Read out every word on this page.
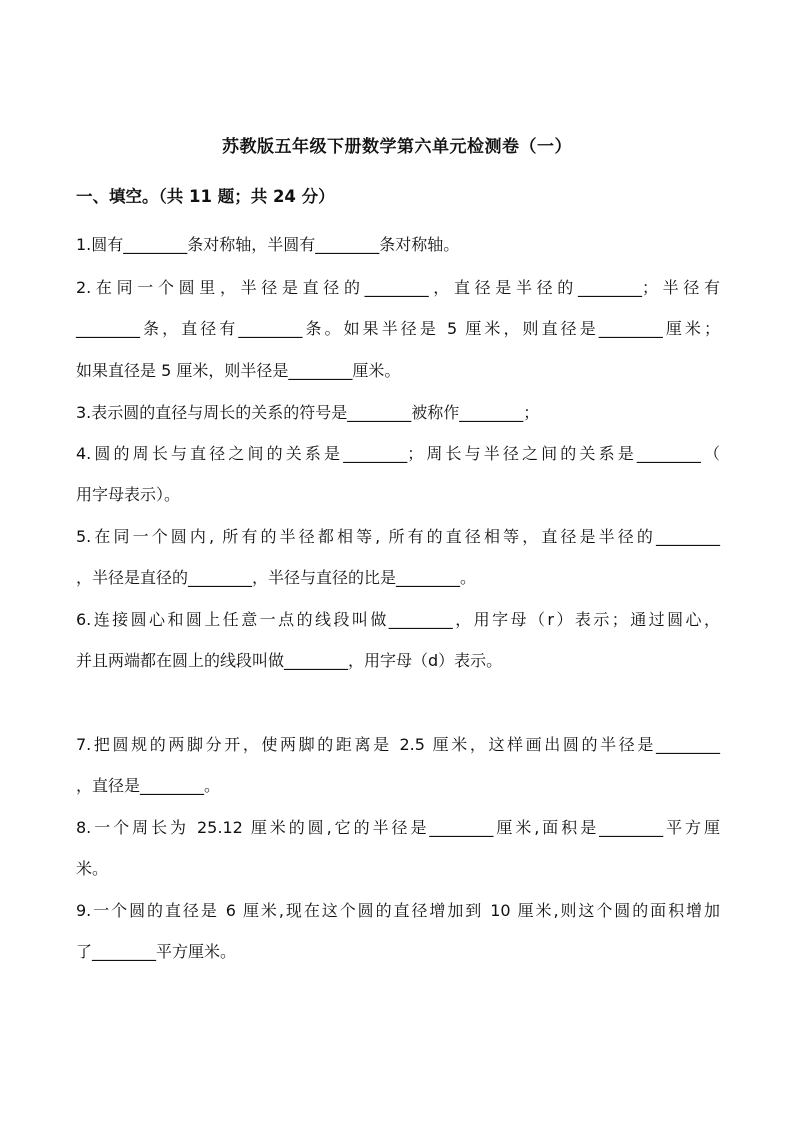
苏教版五年级下册数学第六单元检测卷（一）
一、填空。（共 11 题；共 24 分）
1.圆有________条对称轴，半圆有________条对称轴。
2.在同一个圆里，半径是直径的________，直径是半径的________；半径有
________条，直径有________条。如果半径是 5 厘米，则直径是________厘米；
如果直径是 5 厘米，则半径是________厘米。
3.表示圆的直径与周长的关系的符号是________被称作________；
4.圆的周长与直径之间的关系是________；周长与半径之间的关系是________（
用字母表示）。
5.在同一个圆内, 所有的半径都相等, 所有的直径相等，直径是半径的________
，半径是直径的________，半径与直径的比是________。
6.连接圆心和圆上任意一点的线段叫做________，用字母（r）表示；通过圆心，
并且两端都在圆上的线段叫做________，用字母（d）表示。
7.把圆规的两脚分开，使两脚的距离是 2.5 厘米，这样画出圆的半径是________
，直径是________。
8.一个周长为 25.12 厘米的圆,它的半径是________厘米,面积是________平方厘
米。
9.一个圆的直径是 6 厘米,现在这个圆的直径增加到 10 厘米,则这个圆的面积增加
了________平方厘米。
